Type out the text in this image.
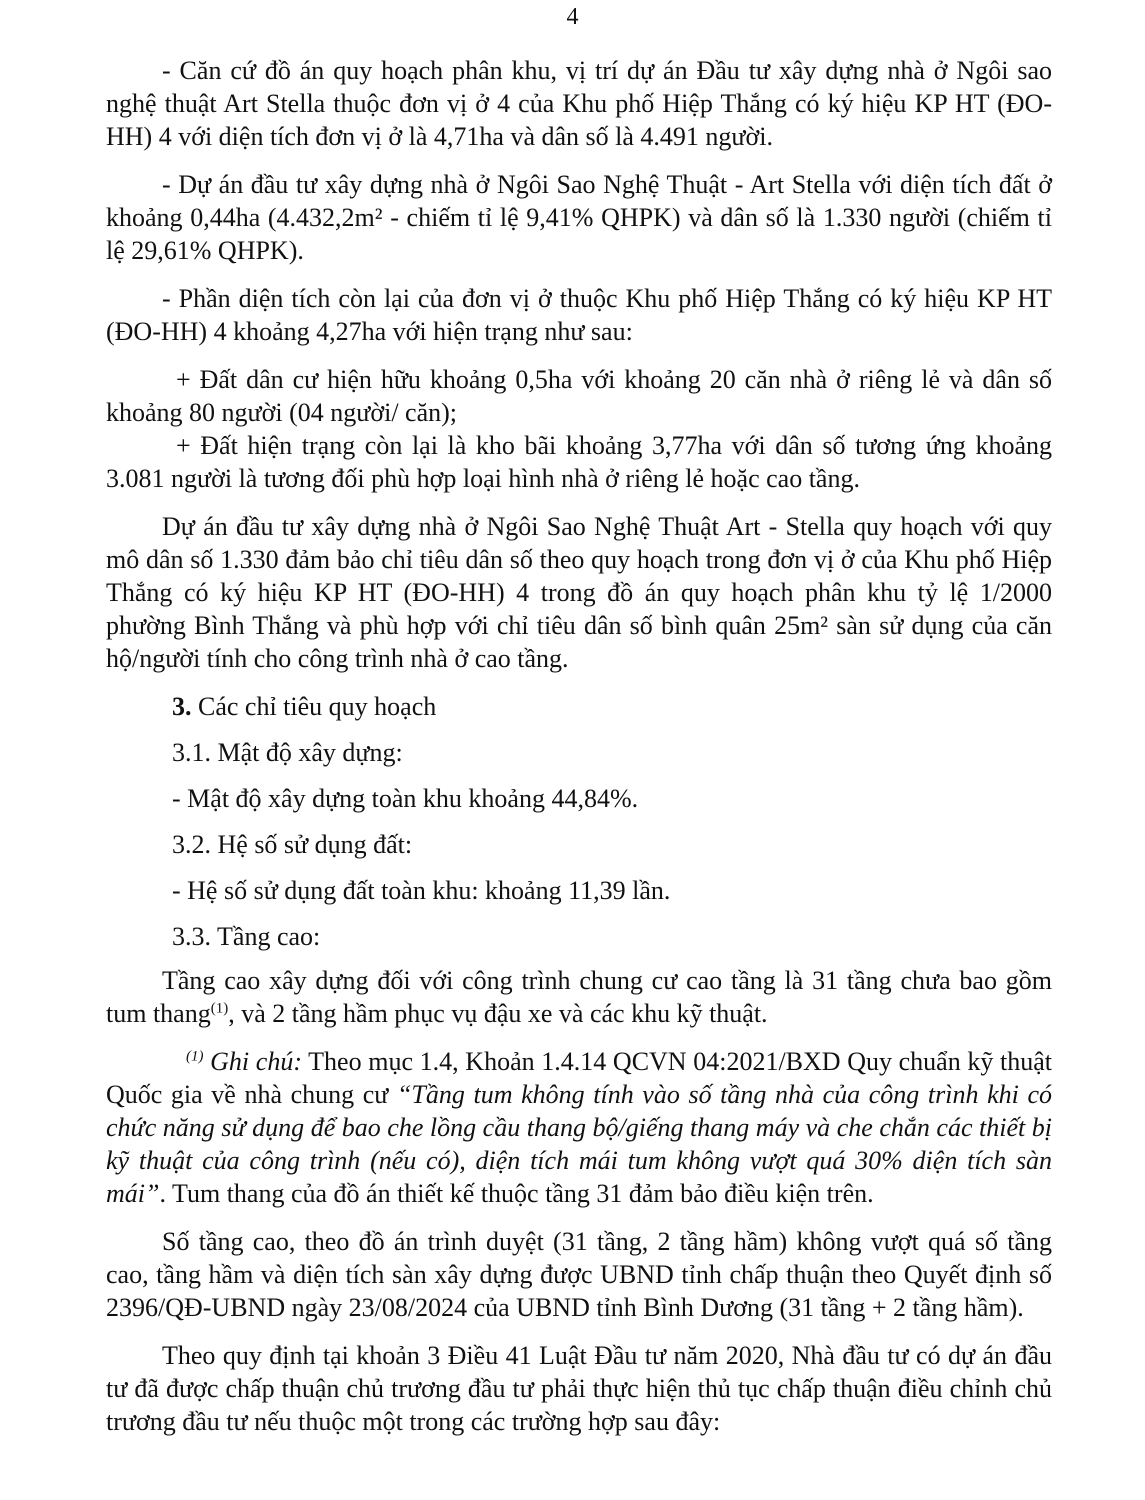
4

- Căn cứ đồ án quy hoạch phân khu, vị trí dự án Đầu tư xây dựng nhà ở Ngôi sao nghệ thuật Art Stella thuộc đơn vị ở 4 của Khu phố Hiệp Thắng có ký hiệu KP HT (ĐO-HH) 4 với diện tích đơn vị ở là 4,71ha và dân số là 4.491 người.

- Dự án đầu tư xây dựng nhà ở Ngôi Sao Nghệ Thuật - Art Stella với diện tích đất ở khoảng 0,44ha (4.432,2m² - chiếm tỉ lệ 9,41% QHPK) và dân số là 1.330 người (chiếm tỉ lệ 29,61% QHPK).

- Phần diện tích còn lại của đơn vị ở thuộc Khu phố Hiệp Thắng có ký hiệu KP HT (ĐO-HH) 4 khoảng 4,27ha với hiện trạng như sau:

+ Đất dân cư hiện hữu khoảng 0,5ha với khoảng 20 căn nhà ở riêng lẻ và dân số khoảng 80 người (04 người/ căn);

+ Đất hiện trạng còn lại là kho bãi khoảng 3,77ha với dân số tương ứng khoảng 3.081 người là tương đối phù hợp loại hình nhà ở riêng lẻ hoặc cao tầng.

Dự án đầu tư xây dựng nhà ở Ngôi Sao Nghệ Thuật Art - Stella quy hoạch với quy mô dân số 1.330 đảm bảo chỉ tiêu dân số theo quy hoạch trong đơn vị ở của Khu phố Hiệp Thắng có ký hiệu KP HT (ĐO-HH) 4 trong đồ án quy hoạch phân khu tỷ lệ 1/2000 phường Bình Thắng và phù hợp với chỉ tiêu dân số bình quân 25m² sàn sử dụng của căn hộ/người tính cho công trình nhà ở cao tầng.

3. Các chỉ tiêu quy hoạch

3.1. Mật độ xây dựng:

- Mật độ xây dựng toàn khu khoảng 44,84%.

3.2. Hệ số sử dụng đất:

- Hệ số sử dụng đất toàn khu: khoảng 11,39 lần.

3.3. Tầng cao:

Tầng cao xây dựng đối với công trình chung cư cao tầng là 31 tầng chưa bao gồm tum thang$^{(1)}$, và 2 tầng hầm phục vụ đậu xe và các khu kỹ thuật.

$^{(1)}$ Ghi chú: Theo mục 1.4, Khoản 1.4.14 QCVN 04:2021/BXD Quy chuẩn kỹ thuật Quốc gia về nhà chung cư “Tầng tum không tính vào số tầng nhà của công trình khi có chức năng sử dụng để bao che lồng cầu thang bộ/giếng thang máy và che chắn các thiết bị kỹ thuật của công trình (nếu có), diện tích mái tum không vượt quá 30% diện tích sàn mái”. Tum thang của đồ án thiết kế thuộc tầng 31 đảm bảo điều kiện trên.

Số tầng cao, theo đồ án trình duyệt (31 tầng, 2 tầng hầm) không vượt quá số tầng cao, tầng hầm và diện tích sàn xây dựng được UBND tỉnh chấp thuận theo Quyết định số 2396/QĐ-UBND ngày 23/08/2024 của UBND tỉnh Bình Dương (31 tầng + 2 tầng hầm).

Theo quy định tại khoản 3 Điều 41 Luật Đầu tư năm 2020, Nhà đầu tư có dự án đầu tư đã được chấp thuận chủ trương đầu tư phải thực hiện thủ tục chấp thuận điều chỉnh chủ trương đầu tư nếu thuộc một trong các trường hợp sau đây:
